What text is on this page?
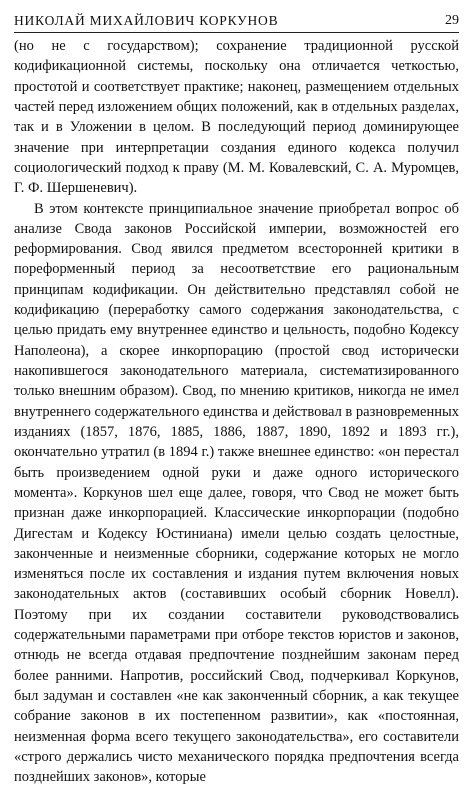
НИКОЛАЙ МИХАЙЛОВИЧ КОРКУНОВ	29

(но не с государством); сохранение традиционной русской кодификационной системы, поскольку она отличается четкостью, простотой и соответствует практике; наконец, размещением отдельных частей перед изложением общих положений, как в отдельных разделах, так и в Уложении в целом. В последующий период доминирующее значение при интерпретации создания единого кодекса получил социологический подход к праву (М. М. Ковалевский, С. А. Муромцев, Г. Ф. Шершеневич).

В этом контексте принципиальное значение приобретал вопрос об анализе Свода законов Российской империи, возможностей его реформирования. Свод явился предметом всесторонней критики в пореформенный период за несоответствие его рациональным принципам кодификации. Он действительно представлял собой не кодификацию (переработку самого содержания законодательства, с целью придать ему внутреннее единство и цельность, подобно Кодексу Наполеона), а скорее инкорпорацию (простой свод исторически накопившегося законодательного материала, систематизированного только внешним образом). Свод, по мнению критиков, никогда не имел внутреннего содержательного единства и действовал в разновременных изданиях (1857, 1876, 1885, 1886, 1887, 1890, 1892 и 1893 гг.), окончательно утратил (в 1894 г.) также внешнее единство: «он перестал быть произведением одной руки и даже одного исторического момента». Коркунов шел еще далее, говоря, что Свод не может быть признан даже инкорпорацией. Классические инкорпорации (подобно Дигестам и Кодексу Юстиниана) имели целью создать целостные, законченные и неизменные сборники, содержание которых не могло изменяться после их составления и издания путем включения новых законодательных актов (составивших особый сборник Новелл). Поэтому при их создании составители руководствовались содержательными параметрами при отборе текстов юристов и законов, отнюдь не всегда отдавая предпочтение позднейшим законам перед более ранними. Напротив, российский Свод, подчеркивал Коркунов, был задуман и составлен «не как законченный сборник, а как текущее собрание законов в их постепенном развитии», как «постоянная, неизменная форма всего текущего законодательства», его составители «строго держались чисто механического порядка предпочтения всегда позднейших законов», которые
